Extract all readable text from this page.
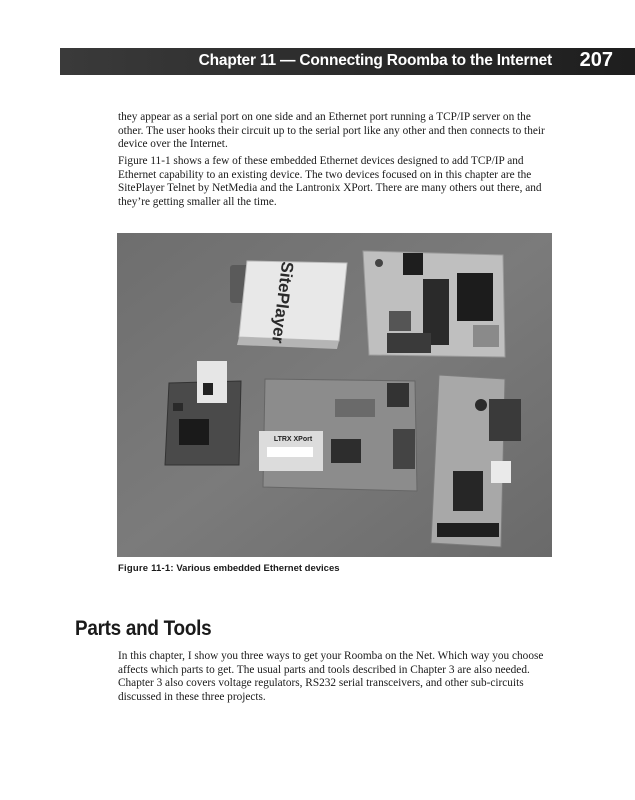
Chapter 11 — Connecting Roomba to the Internet 207

they appear as a serial port on one side and an Ethernet port running a TCP/IP server on the other. The user hooks their circuit up to the serial port like any other and then connects to their device over the Internet.

Figure 11-1 shows a few of these embedded Ethernet devices designed to add TCP/IP and Ethernet capability to an existing device. The two devices focused on in this chapter are the SitePlayer Telnet by NetMedia and the Lantronix XPort. There are many others out there, and they’re getting smaller all the time.

SitePlayer
LTRX XPort
Figure 11-1: Various embedded Ethernet devices
Parts and Tools

In this chapter, I show you three ways to get your Roomba on the Net. Which way you choose affects which parts to get. The usual parts and tools described in Chapter 3 are also needed. Chapter 3 also covers voltage regulators, RS232 serial transceivers, and other sub-circuits discussed in these three projects.
